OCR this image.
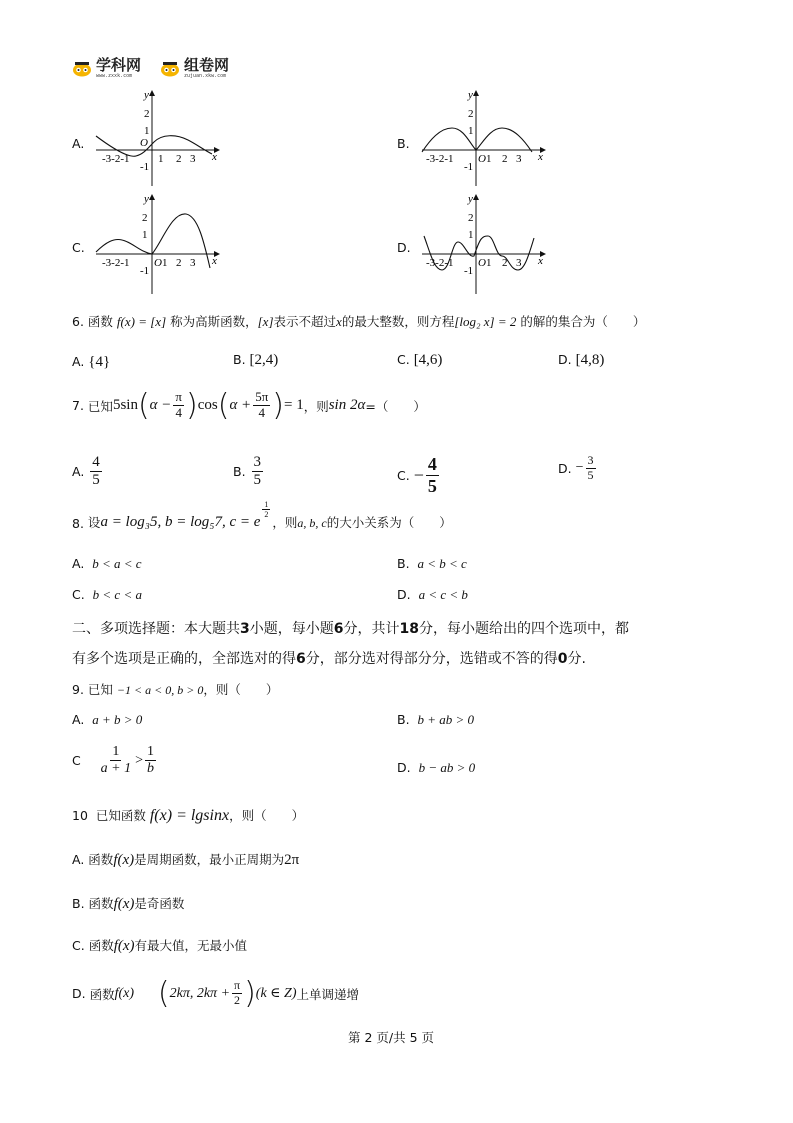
学科网
www.zxxk.com
组卷网
zujuan.xkw.com
A.	B.
C.	D.
y
x
2
1
O
-1
-3-2-1	1 2 3
y
x
2
1
-1
-3-2-1 O 1 2 3
y
x
2
1
-1
-3-2-1 O 1 2 3
y
x
2
1
-1
-3-2-1 O 1 2 3
6. 函数 f(x) = [x] 称为高斯函数，[x]表示不超过x的最大整数，则方程[log₂ x] = 2 的解的集合为（　　）
A. {4}	B. [2,4)	C. [4,6)	D. [4,8)
7.
已知 5sin ( $\alpha - \frac{\pi}{4}$ ) cos ( $\alpha + \frac{5\pi}{4}$ ) = 1 ，则 sin 2α =（　　）
A.
$\frac{4}{5}$	B.
$\frac{3}{5}$	C.
− $\frac{4}{5}$	D.
− $\frac{3}{5}$
8.
设 a = log₃5, b = log₅7, c = e
$\frac{1}{2}$
，则 a, b, c 的大小关系为（　　）
A. b < a < c	B. a < b < c
C. b < c < a	D. a < c < b
二、多项选择题：本大题共3小题，每小题6分，共计18分，每小题给出的四个选项中，都
有多个选项是正确的，全部选对的得6分，部分选对得部分分，选错或不答的得0分.
9. 已知 −1 < a < 0, b > 0，则（　　）
A. a + b > 0	B. b + ab > 0
C
$\frac{1}{a + 1} > \frac{1}{b}$	D. b − ab > 0
10 已知函数 f(x) = lgsinx，则（　　）
A. 函数f(x)是周期函数，最小正周期为2π
B. 函数f(x)是奇函数
C. 函数f(x)有最大值，无最小值
D.
函数 f(x)
( 2kπ, $2k\pi + \frac{\pi}{2}$ ) (k ∈ Z) 上单调递增
第 2 页/共 5 页
